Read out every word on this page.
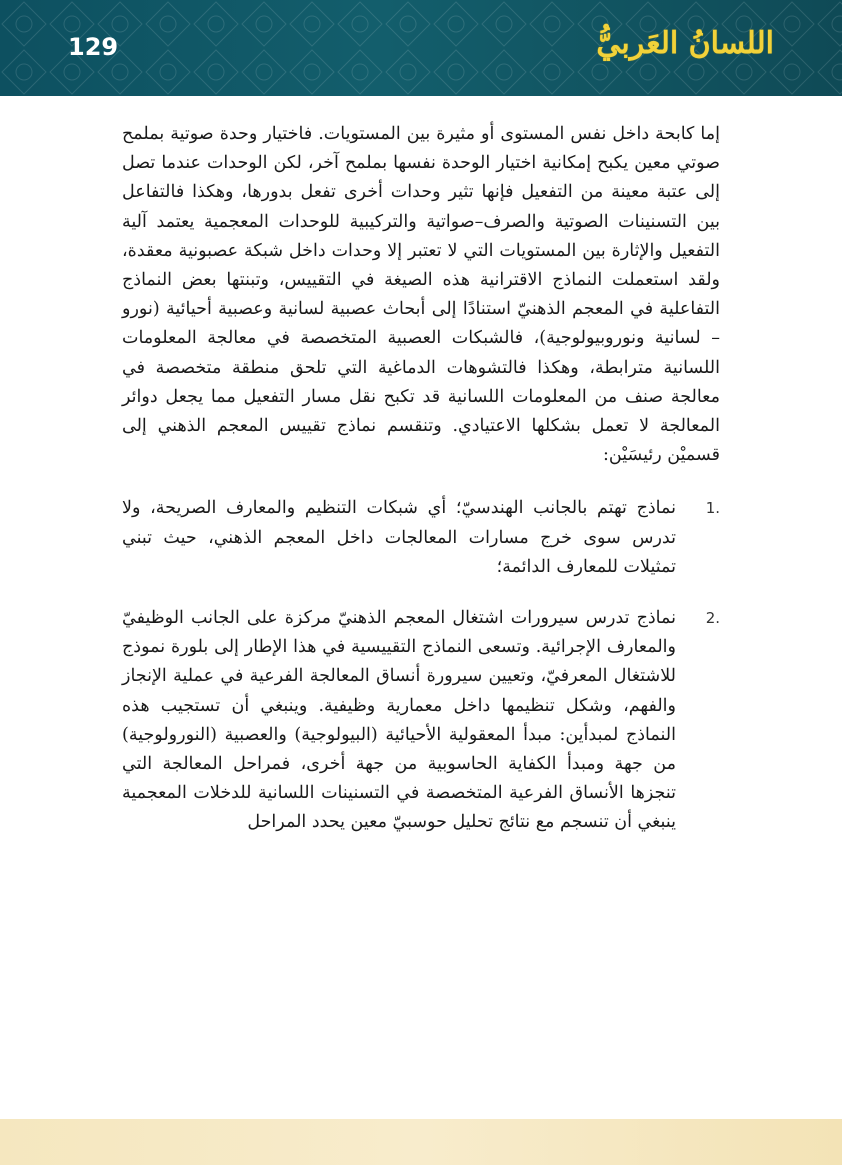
129	اللسانُ العَربيُّ

إما كابحة داخل نفس المستوى أو مثيرة بين المستويات. فاختيار وحدة صوتية بملمح صوتي معين يكبح إمكانية اختيار الوحدة نفسها بملمح آخر، لكن الوحدات عندما تصل إلى عتبة معينة من التفعيل فإنها تثير وحدات أخرى تفعل بدورها، وهكذا فالتفاعل بين التسنينات الصوتية والصرف–صواتية والتركيبية للوحدات المعجمية يعتمد آلية التفعيل والإثارة بين المستويات التي لا تعتبر إلا وحدات داخل شبكة عصبونية معقدة، ولقد استعملت النماذج الاقترانية هذه الصيغة في التقييس، وتبنتها بعض النماذج التفاعلية في المعجم الذهنيّ استنادًا إلى أبحاث عصبية لسانية وعصبية أحيائية (نورو – لسانية ونوروبيولوجية)، فالشبكات العصبية المتخصصة في معالجة المعلومات اللسانية مترابطة، وهكذا فالتشوهات الدماغية التي تلحق منطقة متخصصة في معالجة صنف من المعلومات اللسانية قد تكبح نقل مسار التفعيل مما يجعل دوائر المعالجة لا تعمل بشكلها الاعتيادي. وتنقسم نماذج تقييس المعجم الذهني إلى قسميْن رئيسَيْن:

1.
نماذج تهتم بالجانب الهندسيّ؛ أي شبكات التنظيم والمعارف الصريحة، ولا تدرس سوى خرج مسارات المعالجات داخل المعجم الذهني، حيث تبني تمثيلات للمعارف الدائمة؛
2.
نماذج تدرس سيرورات اشتغال المعجم الذهنيّ مركزة على الجانب الوظيفيّ والمعارف الإجرائية. وتسعى النماذج التقييسية في هذا الإطار إلى بلورة نموذج للاشتغال المعرفيّ، وتعيين سيرورة أنساق المعالجة الفرعية في عملية الإنجاز والفهم، وشكل تنظيمها داخل معمارية وظيفية. وينبغي أن تستجيب هذه النماذج لمبدأين: مبدأ المعقولية الأحيائية (البيولوجية) والعصبية (النورولوجية) من جهة ومبدأ الكفاية الحاسوبية من جهة أخرى، فمراحل المعالجة التي تنجزها الأنساق الفرعية المتخصصة في التسنينات اللسانية للدخلات المعجمية ينبغي أن تنسجم مع نتائج تحليل حوسبيّ معين يحدد المراحل
